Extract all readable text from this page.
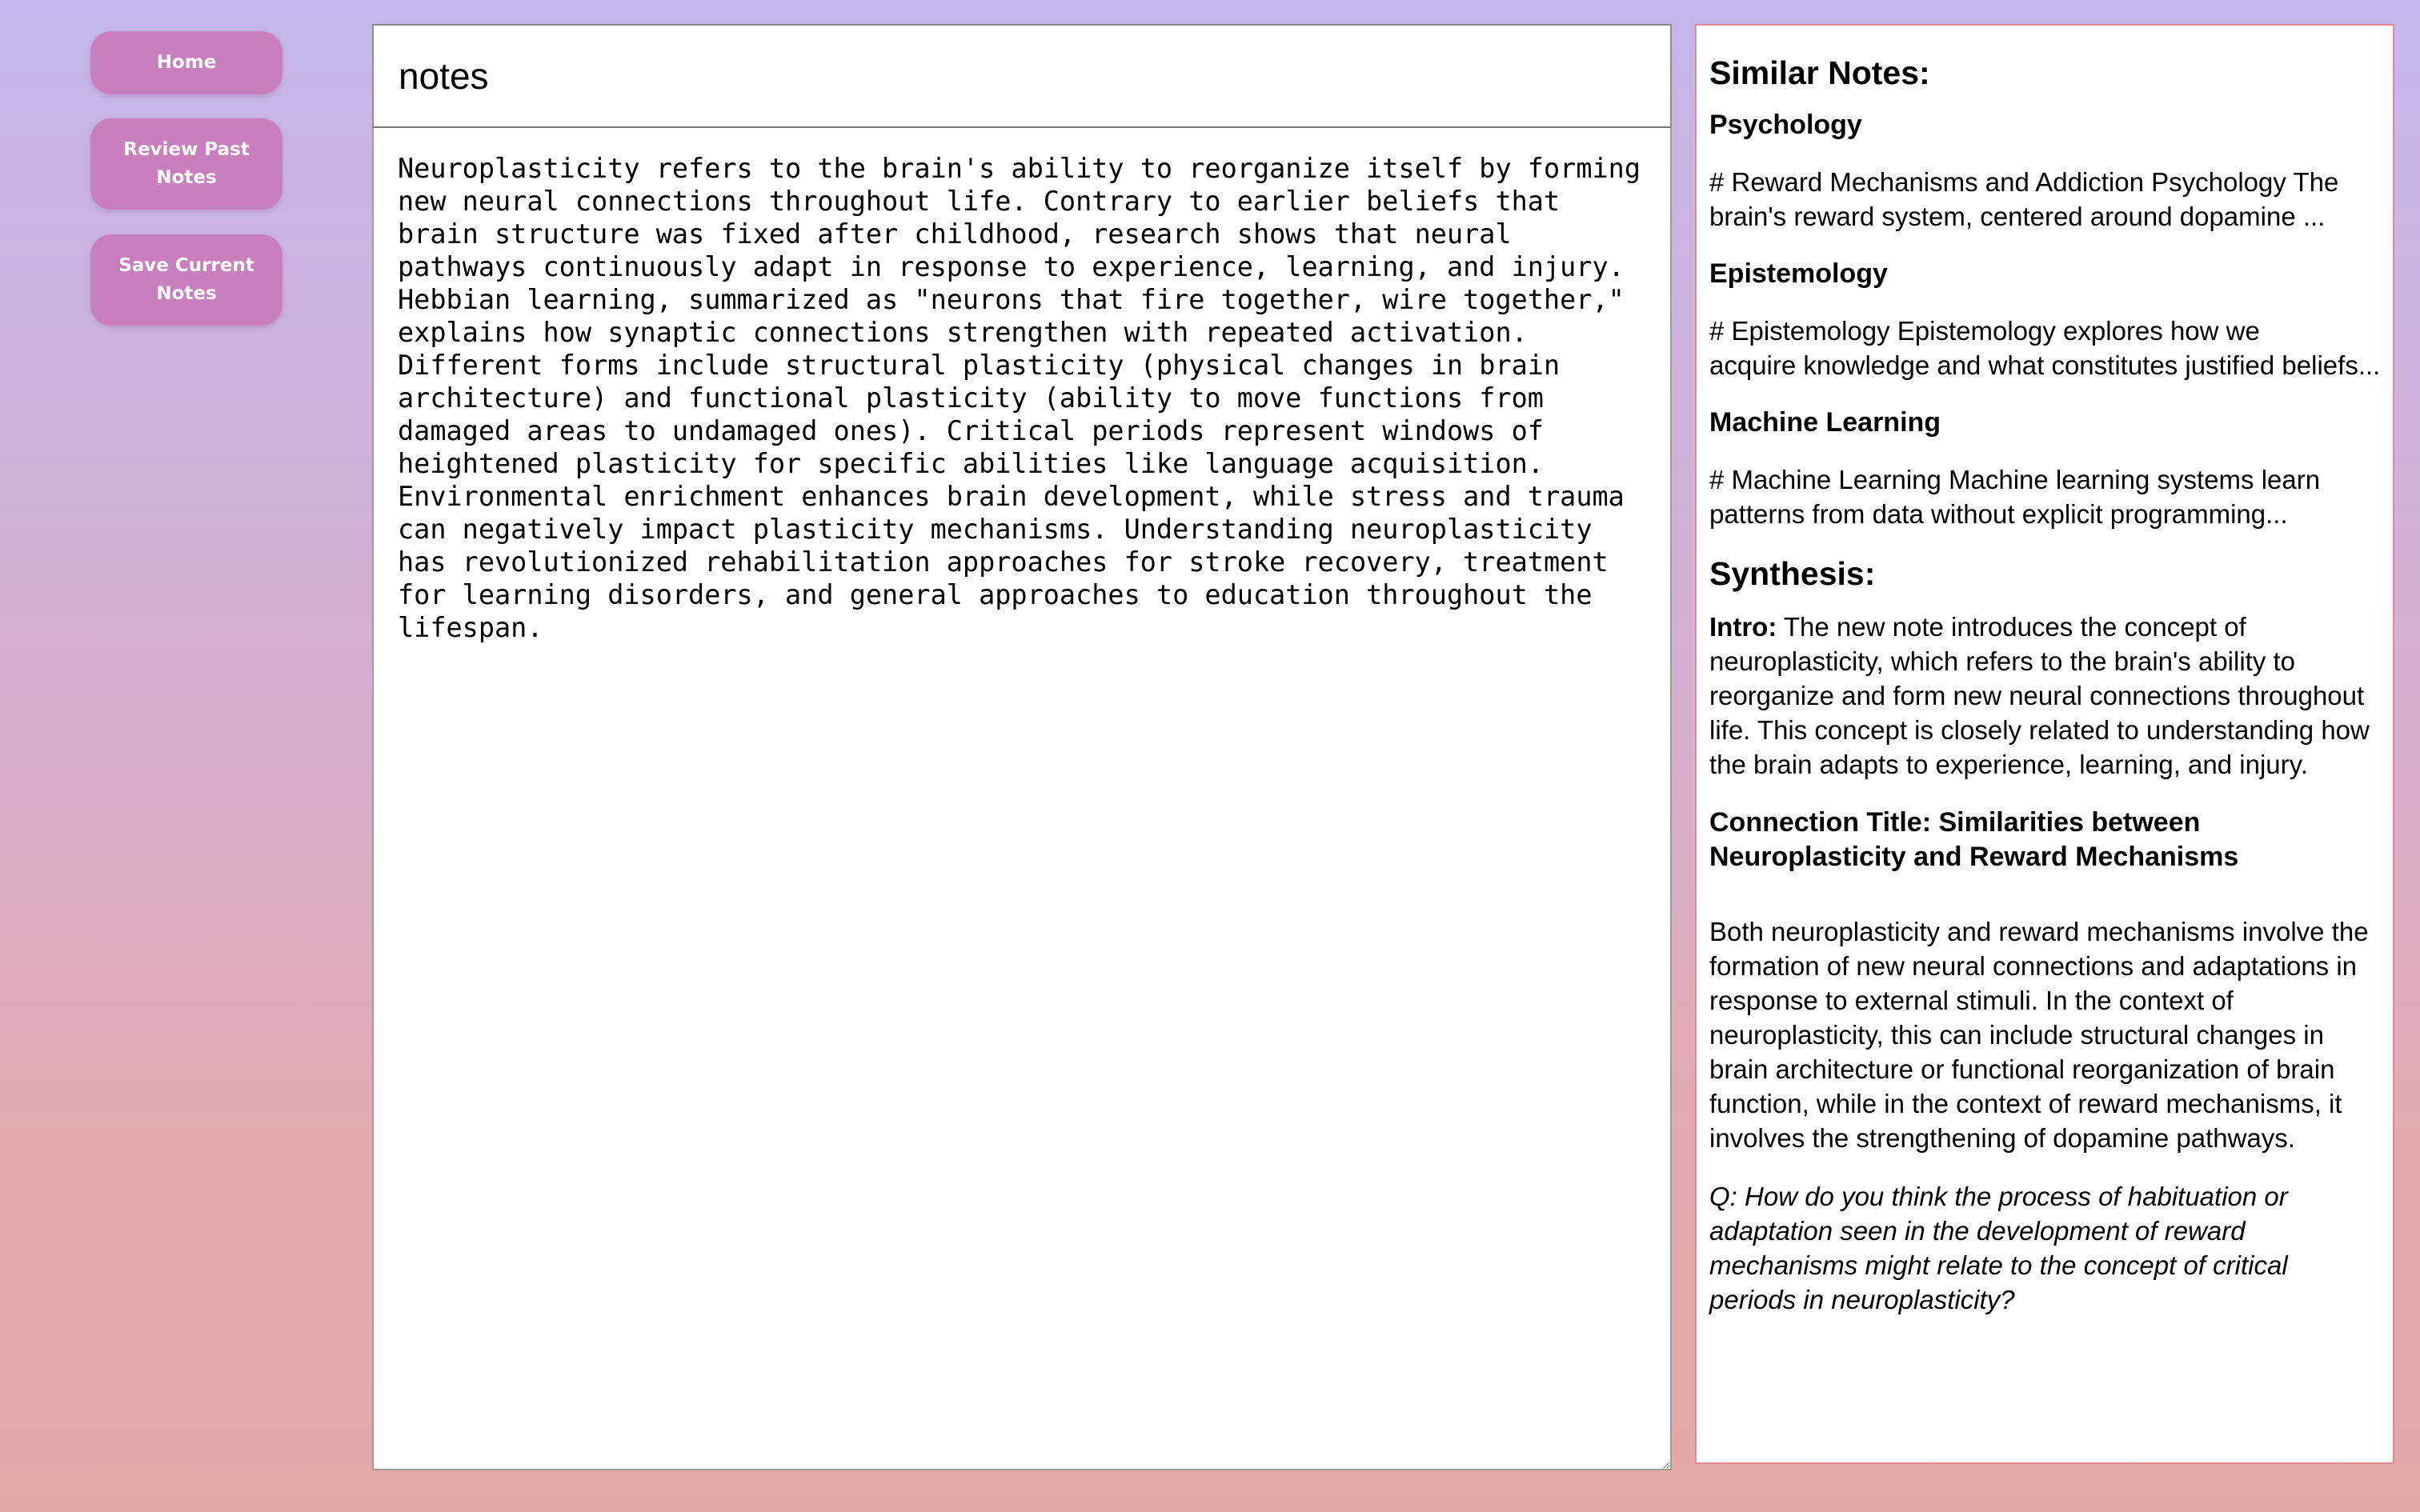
Home
Review Past Notes
Save Current Notes
notes
Neuroplasticity refers to the brain's ability to reorganize itself by forming new neural connections throughout life. Contrary to earlier beliefs that brain structure was fixed after childhood, research shows that neural pathways continuously adapt in response to experience, learning, and injury. Hebbian learning, summarized as "neurons that fire together, wire together," explains how synaptic connections strengthen with repeated activation. Different forms include structural plasticity (physical changes in brain architecture) and functional plasticity (ability to move functions from damaged areas to undamaged ones). Critical periods represent windows of heightened plasticity for specific abilities like language acquisition. Environmental enrichment enhances brain development, while stress and trauma can negatively impact plasticity mechanisms. Understanding neuroplasticity has revolutionized rehabilitation approaches for stroke recovery, treatment for learning disorders, and general approaches to education throughout the lifespan.
Similar Notes:
Psychology
# Reward Mechanisms and Addiction Psychology The
brain's reward system, centered around dopamine ...
Epistemology
# Epistemology Epistemology explores how we
acquire knowledge and what constitutes justified beliefs...
Machine Learning
# Machine Learning Machine learning systems learn
patterns from data without explicit programming...
Synthesis:
Intro: The new note introduces the concept of neuroplasticity, which refers to the brain's ability to reorganize and form new neural connections throughout life. This concept is closely related to understanding how the brain adapts to experience, learning, and injury.
Connection Title: Similarities between Neuroplasticity and Reward Mechanisms
Both neuroplasticity and reward mechanisms involve the formation of new neural connections and adaptations in response to external stimuli. In the context of neuroplasticity, this can include structural changes in brain architecture or functional reorganization of brain function, while in the context of reward mechanisms, it involves the strengthening of dopamine pathways.
Q: How do you think the process of habituation or adaptation seen in the development of reward mechanisms might relate to the concept of critical periods in neuroplasticity?
